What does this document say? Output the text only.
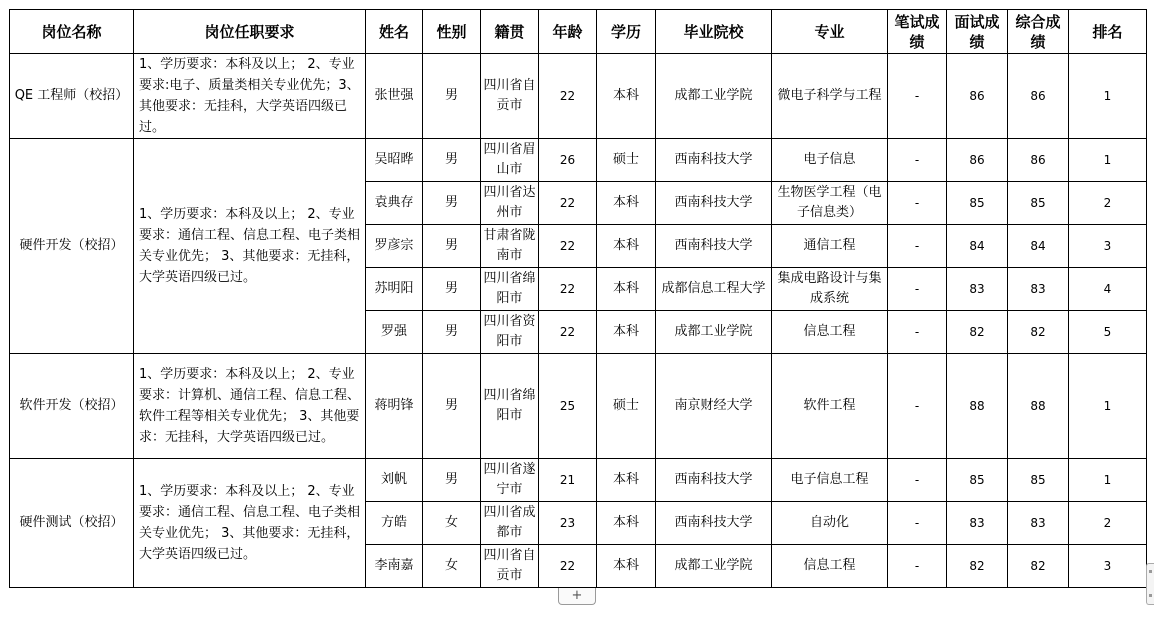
岗位名称	岗位任职要求	姓名	性别	籍贯	年龄	学历	毕业院校	专业	笔试成绩	面试成绩	综合成绩	排名
QE 工程师（校招）	1、学历要求：本科及以上； 2、专业要求:电子、质量类相关专业优先；3、其他要求：无挂科，大学英语四级已过。	张世强	男	四川省自贡市	22	本科	成都工业学院	微电子科学与工程	-	86	86	1
硬件开发（校招）	1、学历要求：本科及以上； 2、专业要求：通信工程、信息工程、电子类相关专业优先； 3、其他要求：无挂科，大学英语四级已过。	吴昭晔	男	四川省眉山市	26	硕士	西南科技大学	电子信息	-	86	86	1
		袁典存	男	四川省达州市	22	本科	西南科技大学	生物医学工程（电子信息类）	-	85	85	2
		罗彦宗	男	甘肃省陇南市	22	本科	西南科技大学	通信工程	-	84	84	3
		苏明阳	男	四川省绵阳市	22	本科	成都信息工程大学	集成电路设计与集成系统	-	83	83	4
		罗强	男	四川省资阳市	22	本科	成都工业学院	信息工程	-	82	82	5
软件开发（校招）	1、学历要求：本科及以上； 2、专业要求：计算机、通信工程、信息工程、软件工程等相关专业优先； 3、其他要求：无挂科，大学英语四级已过。	蒋明锋	男	四川省绵阳市	25	硕士	南京财经大学	软件工程	-	88	88	1
硬件测试（校招）	1、学历要求：本科及以上； 2、专业要求：通信工程、信息工程、电子类相关专业优先； 3、其他要求：无挂科，大学英语四级已过。	刘帆	男	四川省遂宁市	21	本科	西南科技大学	电子信息工程	-	85	85	1
		方皓	女	四川省成都市	23	本科	西南科技大学	自动化	-	83	83	2
		李南嘉	女	四川省自贡市	22	本科	成都工业学院	信息工程	-	82	82	3
+
